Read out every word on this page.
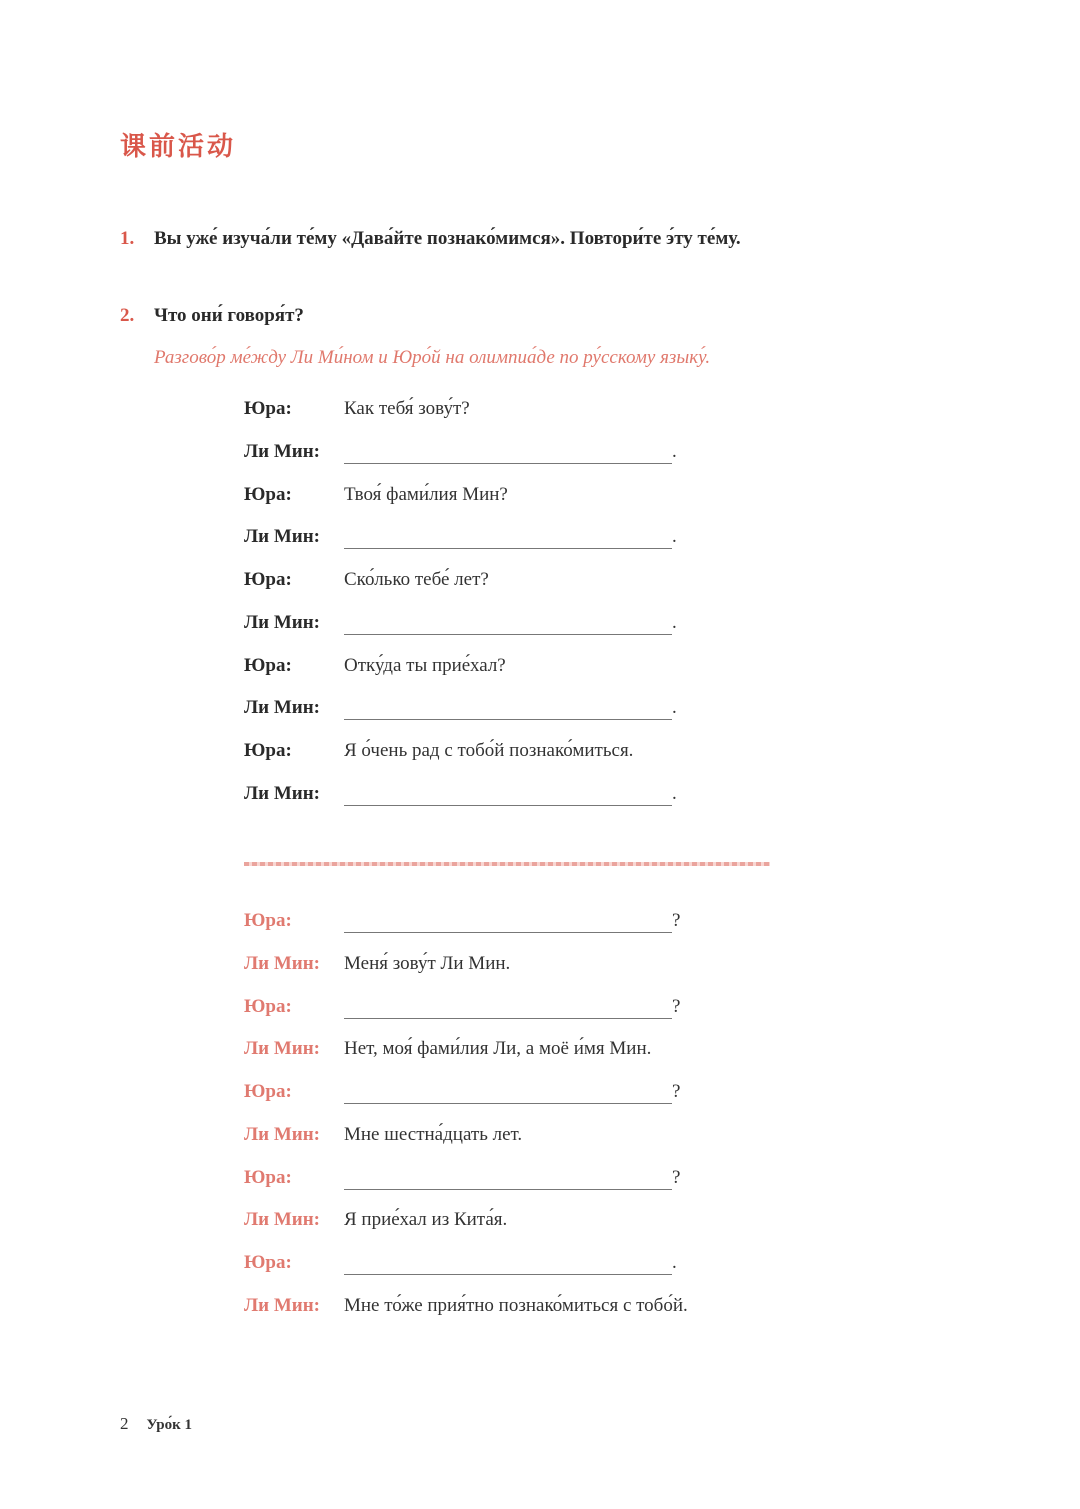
课前活动
1. Вы уже́ изуча́ли те́му «Дава́йте познако́мимся». Повтори́те э́ту те́му.
2. Что они́ говоря́т?
Разгово́р ме́жду Ли Ми́ном и Юро́й на олимпиа́де по ру́сскому языку́.
Юра:	Как тебя́ зову́т?
Ли Мин:	.
Юра:	Твоя́ фами́лия Мин?
Ли Мин:	.
Юра:	Ско́лько тебе́ лет?
Ли Мин:	.
Юра:	Отку́да ты прие́хал?
Ли Мин:	.
Юра:	Я о́чень рад с тобо́й познако́миться.
Ли Мин:	.
Юра:	?
Ли Мин: Меня́ зову́т Ли Мин.
Юра:	?
Ли Мин: Нет, моя́ фами́лия Ли, а моё и́мя Мин.
Юра:	?
Ли Мин: Мне шестна́дцать лет.
Юра:	?
Ли Мин: Я прие́хал из Кита́я.
Юра:	.
Ли Мин: Мне то́же прия́тно познако́миться с тобо́й.
2 Уро́к 1
